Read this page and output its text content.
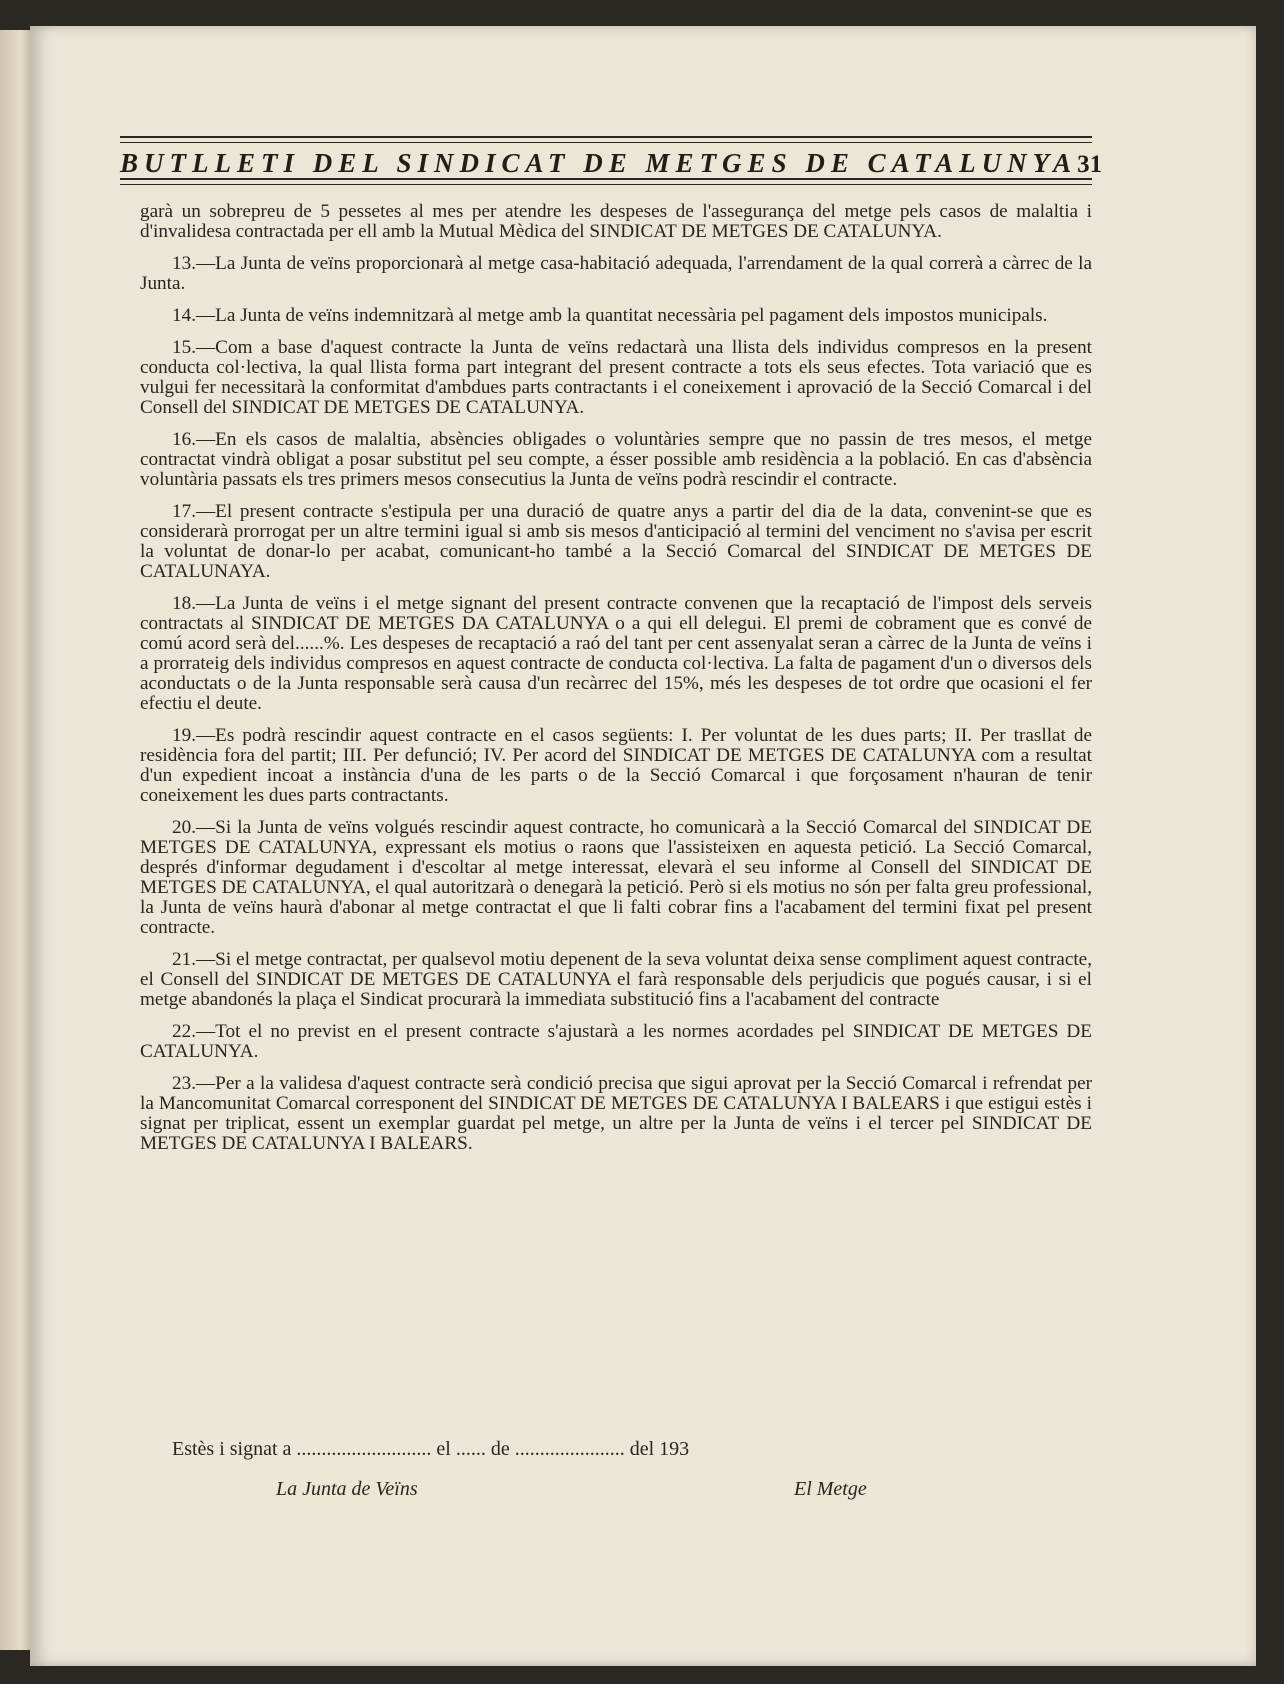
BUTLLETI DEL SINDICAT DE METGES DE CATALUNYA 31

garà un sobrepreu de 5 pessetes al mes per atendre les despeses de l'assegurança del metge pels casos de malaltia i d'invalidesa contractada per ell amb la Mutual Mèdica del SINDICAT DE METGES DE CATALUNYA.

13.—La Junta de veïns proporcionarà al metge casa-habitació adequada, l'arrendament de la qual correrà a càrrec de la Junta.

14.—La Junta de veïns indemnitzarà al metge amb la quantitat necessària pel pagament dels impostos municipals.

15.—Com a base d'aquest contracte la Junta de veïns redactarà una llista dels individus compresos en la present conducta col·lectiva, la qual llista forma part integrant del present contracte a tots els seus efectes. Tota variació que es vulgui fer necessitarà la conformitat d'ambdues parts contractants i el coneixement i aprovació de la Secció Comarcal i del Consell del SINDICAT DE METGES DE CATALUNYA.

16.—En els casos de malaltia, absències obligades o voluntàries sempre que no passin de tres mesos, el metge contractat vindrà obligat a posar substitut pel seu compte, a ésser possible amb residència a la població. En cas d'absència voluntària passats els tres primers mesos consecutius la Junta de veïns podrà rescindir el contracte.

17.—El present contracte s'estipula per una duració de quatre anys a partir del dia de la data, convenint-se que es considerarà prorrogat per un altre termini igual si amb sis mesos d'anticipació al termini del venciment no s'avisa per escrit la voluntat de donar-lo per acabat, comunicant-ho també a la Secció Comarcal del SINDICAT DE METGES DE CATALUNAYA.

18.—La Junta de veïns i el metge signant del present contracte convenen que la recaptació de l'impost dels serveis contractats al SINDICAT DE METGES DA CATALUNYA o a qui ell delegui. El premi de cobrament que es convé de comú acord serà del......%. Les despeses de recaptació a raó del tant per cent assenyalat seran a càrrec de la Junta de veïns i a prorrateig dels individus compresos en aquest contracte de conducta col·lectiva. La falta de pagament d'un o diversos dels aconductats o de la Junta responsable serà causa d'un recàrrec del 15%, més les despeses de tot ordre que ocasioni el fer efectiu el deute.

19.—Es podrà rescindir aquest contracte en el casos següents: I. Per voluntat de les dues parts; II. Per trasllat de residència fora del partit; III. Per defunció; IV. Per acord del SINDICAT DE METGES DE CATALUNYA com a resultat d'un expedient incoat a instància d'una de les parts o de la Secció Comarcal i que forçosament n'hauran de tenir coneixement les dues parts contractants.

20.—Si la Junta de veïns volgués rescindir aquest contracte, ho comunicarà a la Secció Comarcal del SINDICAT DE METGES DE CATALUNYA, expressant els motius o raons que l'assisteixen en aquesta petició. La Secció Comarcal, després d'informar degudament i d'escoltar al metge interessat, elevarà el seu informe al Consell del SINDICAT DE METGES DE CATALUNYA, el qual autoritzarà o denegarà la petició. Però si els motius no són per falta greu professional, la Junta de veïns haurà d'abonar al metge contractat el que li falti cobrar fins a l'acabament del termini fixat pel present contracte.

21.—Si el metge contractat, per qualsevol motiu depenent de la seva voluntat deixa sense compliment aquest contracte, el Consell del SINDICAT DE METGES DE CATALUNYA el farà responsable dels perjudicis que pogués causar, i si el metge abandonés la plaça el Sindicat procurarà la immediata substitució fins a l'acabament del contracte

22.—Tot el no previst en el present contracte s'ajustarà a les normes acordades pel SINDICAT DE METGES DE CATALUNYA.

23.—Per a la validesa d'aquest contracte serà condició precisa que sigui aprovat per la Secció Comarcal i refrendat per la Mancomunitat Comarcal corresponent del SINDICAT DE METGES DE CATALUNYA I BALEARS i que estigui estès i signat per triplicat, essent un exemplar guardat pel metge, un altre per la Junta de veïns i el tercer pel SINDICAT DE METGES DE CATALUNYA I BALEARS.

Estès i signat a ........................... el ...... de ...................... del 193
La Junta de Veïns	El Metge
